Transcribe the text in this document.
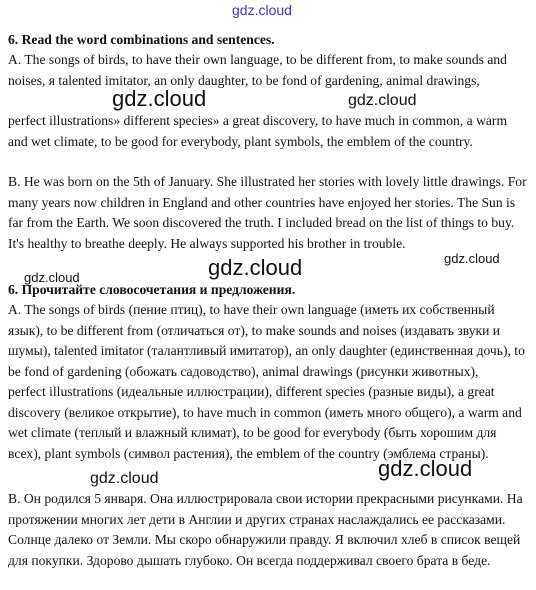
gdz.cloud

6. Read the word combinations and sentences.

A. The songs of birds, to have their own language, to be different from, to make sounds and noises, я talented imitator, an only daughter, to be fond of gardening, animal drawings,

perfect illustrations» different species» a great discovery, to have much in common, a warm and wet climate, to be good for everybody, plant symbols, the emblem of the country.

B. He was born on the 5th of January. She illustrated her stories with lovely little drawings. For many years now children in England and other countries have enjoyed her stories. The Sun is far from the Earth. We soon discovered the truth. I included bread on the list of things to buy. It's healthy to breathe deeply. He always supported his brother in trouble.

6. Прочитайте словосочетания и предложения.

A. The songs of birds (пение птиц), to have their own language (иметь их собственный язык), to be different from (отличаться от), to make sounds and noises (издавать звуки и шумы), talented imitator (талантливый имитатор), an only daughter (единственная дочь), to be fond of gardening (обожать садоводство), animal drawings (рисунки животных),

perfect illustrations (идеальные иллюстрации), different species (разные виды), a great discovery (великое открытие), to have much in common (иметь много общего), a warm and wet climate (теплый и влажный климат), to be good for everybody (быть хорошим для всех), plant symbols (символ растения), the emblem of the country (эмблема страны).

B. Он родился 5 января. Она иллюстрировала свои истории прекрасными рисунками. На протяжении многих лет дети в Англии и других странах наслаждались ее рассказами. Солнце далеко от Земли. Мы скоро обнаружили правду. Я включил хлеб в список вещей для покупки. Здорово дышать глубоко. Он всегда поддерживал своего брата в беде.

gdz.cloud	gdz.cloud
gdz.cloud	gdz.cloud
gdz.cloud
gdz.cloud
gdz.cloud
